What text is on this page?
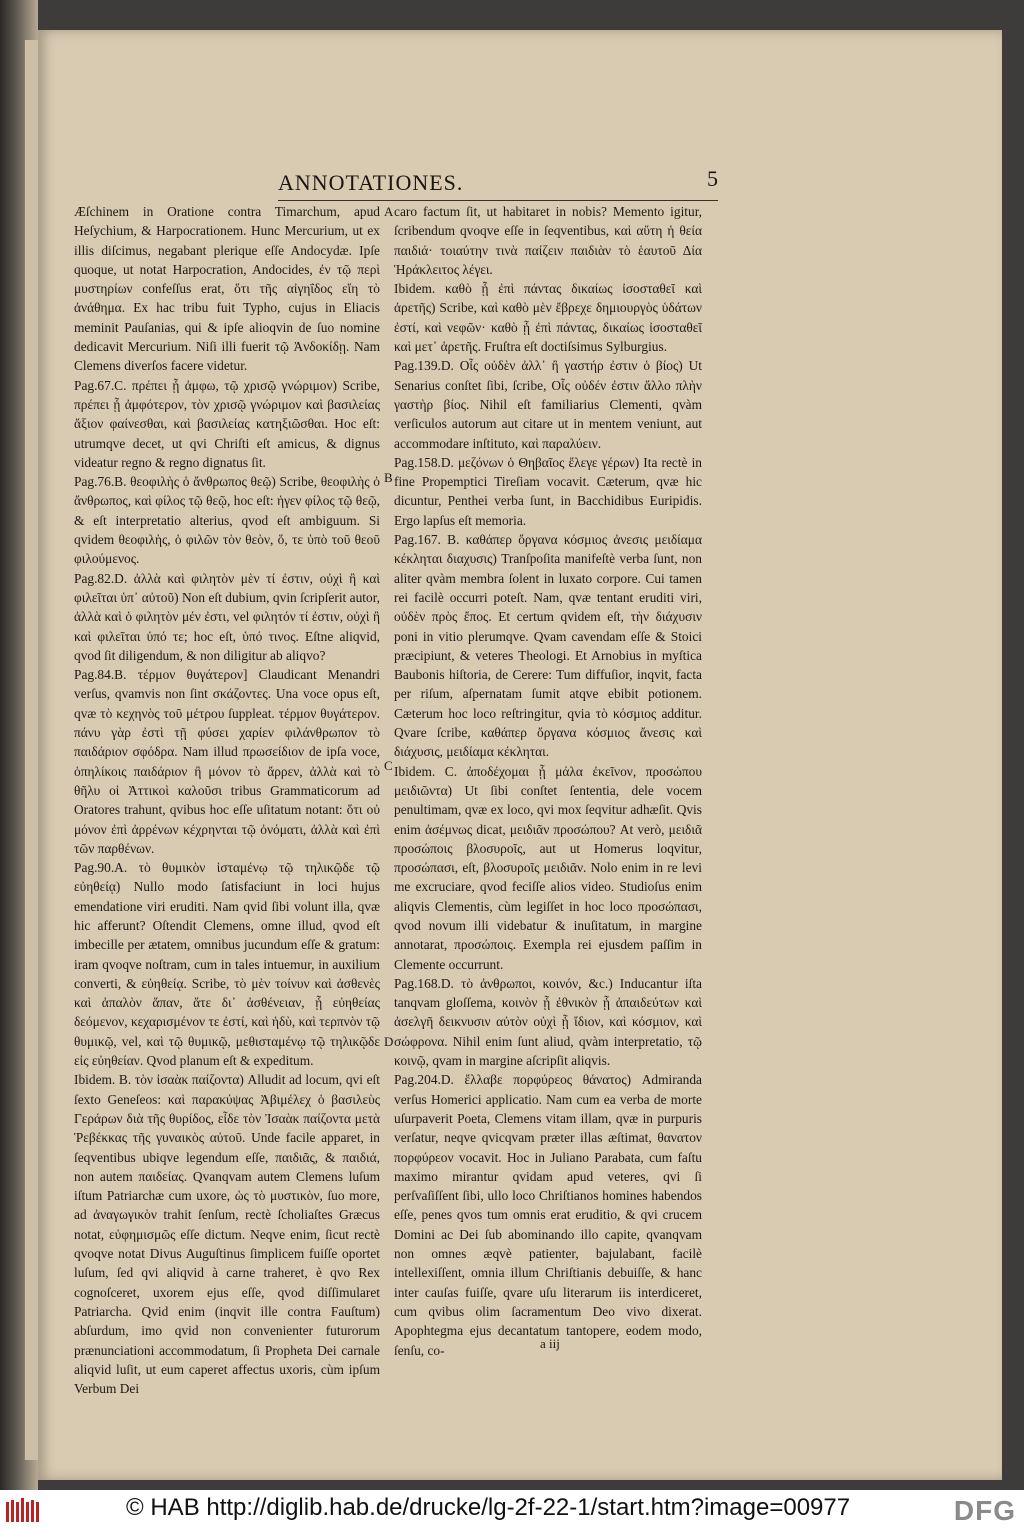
ANNOTATIONES.	5

Æſchinem in Oratione contra Timarchum, apud Heſychium, & Harpocrationem. Hunc Mercurium, ut ex illis diſcimus, negabant plerique eſſe Andocydæ. Ipſe quoque, ut notat Harpocration, Andocides, ἐν τῷ περὶ μυστηρίων confeſſus erat, ὅτι τῆς αἰγηΐδος εἴη τὸ ἀνάθημα. Ex hac tribu fuit Typho, cujus in Eliacis meminit Pauſanias, qui & ipſe alioqvin de ſuo nomine dedicavit Mercurium. Niſi illi fuerit τῷ Ἀνδοκίδῃ. Nam Clemens diverſos facere videtur.

Pag.67.C. πρέπει ᾗ ἀμφω, τῷ χρισῷ γνώριμον) Scribe, πρέπει ᾗ ἀμφότερον, τὸν χρισῷ γνώριμον καὶ βασιλείας ἄξιον φαίνεσθαι, καὶ βασιλείας κατηξιῶσθαι. Hoc eſt: utrumqve decet, ut qvi Chriſti eſt amicus, & dignus videatur regno & regno dignatus ſit.

Pag.76.B. θεοφιλὴς ὁ ἄνθρωπος θεῷ) Scribe, θεοφιλὴς ὁ ἄνθρωπος, καὶ φίλος τῷ θεῷ, hoc eſt: ἡγεν φίλος τῷ θεῷ, & eſt interpretatio alterius, qvod eſt ambiguum. Si qvidem θεοφιλὴς, ὁ φιλῶν τὸν θεὸν, ὅ, τε ὑπὸ τοῦ θεοῦ φιλούμενος.

Pag.82.D. ἀλλὰ καὶ φιλητὸν μὲν τί ἐστιν, οὐχὶ ἢ καὶ φιλεῖται ὑπ᾽ αὐτοῦ) Non eſt dubium, qvin ſcripſerit autor, ἀλλὰ καὶ ὁ φιλητὸν μέν ἐστι, vel φιλητόν τί ἐστιν, οὐχὶ ἢ καὶ φιλεῖται ὑπό τε; hoc eſt, ὑπό τινος. Eſtne aliqvid, qvod ſit diligendum, & non diligitur ab aliqvo?

Pag.84.B. τέρμον θυγάτερον] Claudicant Menandri verſus, qvamvis non ſint σκάζοντες. Una voce opus eſt, qvæ τὸ κεχηνὸς τοῦ μέτρου ſuppleat. τέρμον θυγάτερον. πάνυ γὰρ ἐστὶ τῇ φύσει χαρίεν φιλάνθρωπον τὸ παιδάριον σφόδρα. Nam illud πρωσείδιον de ipſa voce, ὁπηλίκοις παιδάριον ἢ μόνον τὸ ἄρρεν, ἀλλὰ καὶ τὸ θῆλυ οἱ Ἀττικοὶ καλοῦσι tribus Grammaticorum ad Oratores trahunt, qvibus hoc eſſe uſitatum notant: ὅτι οὐ μόνον ἐπὶ ἀρρένων κέχρηνται τῷ ὀνόματι, ἀλλὰ καὶ ἐπὶ τῶν παρθένων.

Pag.90.A. τὸ θυμικὸν ἱσταμένῳ τῷ τηλικῷδε τῷ εὐηθείᾳ) Nullo modo ſatisfaciunt in loci hujus emendatione viri eruditi. Nam qvid ſibi volunt illa, qvæ hic afferunt? Oſtendit Clemens, omne illud, qvod eſt imbecille per ætatem, omnibus jucundum eſſe & gratum: iram qvoqve noſtram, cum in tales intuemur, in auxilium converti, & εὐηθείᾳ. Scribe, τὸ μὲν τοίνυν καὶ ἀσθενὲς καὶ ἀπαλὸν ἅπαν, ἅτε δι᾽ ἀσθένειαν, ᾗ εὐηθείας δεόμενον, κεχαρισμένον τε ἐστί, καὶ ἡδὺ, καὶ τερπνὸν τῷ θυμικῷ, vel, καὶ τῷ θυμικῷ, μεθισταμένῳ τῷ τηλικῷδε εἰς εὐηθείαν. Qvod planum eſt & expeditum.

Ibidem. B. τὸν ἰσαὰκ παίζοντα) Alludit ad locum, qvi eſt ſexto Geneſeos: καὶ παρακύψας Ἀβιμέλεχ ὁ βασιλεὺς Γεράρων διὰ τῆς θυρίδος, εἶδε τὸν Ἰσαὰκ παίζοντα μετὰ Ῥεβέκκας τῆς γυναικὸς αὐτοῦ. Unde facile apparet, in ſeqventibus ubiqve legendum eſſe, παιδιᾶς, & παιδιά, non autem παιδείας. Qvanqvam autem Clemens luſum iſtum Patriarchæ cum uxore, ὡς τὸ μυστικὸν, ſuo more, ad ἀναγωγικὸν trahit ſenſum, rectè ſcholiaſtes Græcus notat, εὐφημισμῶς eſſe dictum. Neqve enim, ſicut rectè qvoqve notat Divus Auguſtinus ſimplicem fuiſſe oportet luſum, ſed qvi aliqvid à carne traheret, è qvo Rex cognoſceret, uxorem ejus eſſe, qvod diſſimularet Patriarcha. Qvid enim (inqvit ille contra Fauſtum) abſurdum, imo qvid non convenienter futurorum prænunciationi accommodatum, ſi Propheta Dei carnale aliqvid luſit, ut eum caperet affectus uxoris, cùm ipſum Verbum Dei

A
B
C
D

caro factum ſit, ut habitaret in nobis? Memento igitur, ſcribendum qvoqve eſſe in ſeqventibus, καὶ αὕτη ἡ θεία παιδιά· τοιαύτην τινὰ παίζειν παιδιὰν τὸ ἑαυτοῦ Δία Ἡράκλειτος λέγει.

Ibidem. καθὸ ᾗ ἐπὶ πάντας δικαίως ἰσοσταθεῖ καὶ ἀρετῆς) Scribe, καὶ καθὸ μὲν ἔβρεχε δημιουργὸς ὑδάτων ἐστί, καὶ νεφῶν· καθὸ ᾗ ἐπὶ πάντας, δικαίως ἰσοσταθεῖ καὶ μετ᾽ ἀρετῆς. Fruſtra eſt doctiſsimus Sylburgius.

Pag.139.D. Οἷς οὐδὲν ἀλλ᾽ ἢ γαστήρ ἐστιν ὁ βίος) Ut Senarius conſtet ſibi, ſcribe, Οἷς οὐδέν ἐστιν ἄλλο πλὴν γαστὴρ βίος. Nihil eſt familiarius Clementi, qvàm verſiculos autorum aut citare ut in mentem veniunt, aut accommodare inſtituto, καὶ παραλύειν.

Pag.158.D. μεζόνων ὁ Θηβαῖος ἔλεγε γέρων) Ita rectè in fine Propemptici Tireſiam vocavit. Cæterum, qvæ hic dicuntur, Penthei verba ſunt, in Bacchidibus Euripidis. Ergo lapſus eſt memoria.

Pag.167. B. καθάπερ ὄργανα κόσμιος ἀνεσις μειδίαμα κέκληται διαχυσις) Tranſpoſita manifeſtè verba ſunt, non aliter qvàm membra ſolent in luxato corpore. Cui tamen rei facilè occurri poteſt. Nam, qvæ tentant eruditi viri, οὐδὲν πρὸς ἔπος. Et certum qvidem eſt, τὴν διάχυσιν poni in vitio plerumqve. Qvam cavendam eſſe & Stoici præcipiunt, & veteres Theologi. Et Arnobius in myſtica Baubonis hiſtoria, de Cerere: Tum diffuſior, inqvit, facta per riſum, aſpernatam ſumit atqve ebibit potionem. Cæterum hoc loco reſtringitur, qvia τὸ κόσμιος additur. Qvare ſcribe, καθάπερ ὄργανα κόσμιος ἄνεσις καὶ διάχυσις, μειδίαμα κέκληται.

Ibidem. C. ἀποδέχομαι ᾗ μάλα ἐκεῖνον, προσώπου μειδιῶντα) Ut ſibi conſtet ſententia, dele vocem penultimam, qvæ ex loco, qvi mox ſeqvitur adhæſit. Qvis enim ἀσέμνως dicat, μειδιᾶν προσώπου? At verò, μειδιᾶ προσώποις βλοσυροῖς, aut ut Homerus loqvitur, προσώπασι, eſt, βλοσυροῖς μειδιᾶν. Nolo enim in re levi me excruciare, qvod feciſſe alios video. Studioſus enim aliqvis Clementis, cùm legiſſet in hoc loco προσώπασι, qvod novum illi videbatur & inuſitatum, in margine annotarat, προσώποις. Exempla rei ejusdem paſſim in Clemente occurrunt.

Pag.168.D. τὸ ἀνθρωποι, κοινόν, &c.) Inducantur iſta tanqvam gloſſema, κοινὸν ᾗ ἐθνικὸν ᾗ ἀπαιδεύτων καὶ ἀσελγῆ δεικνυσιν αὐτὸν οὐχὶ ᾗ ἴδιον, καὶ κόσμιον, καὶ σώφρονα. Nihil enim ſunt aliud, qvàm interpretatio, τῷ κοινῷ, qvam in margine aſcripſit aliqvis.

Pag.204.D. ἔλλαβε πορφύρεος θάνατος) Admiranda verſus Homerici applicatio. Nam cum ea verba de morte uſurpaverit Poeta, Clemens vitam illam, qvæ in purpuris verſatur, neqve qvicqvam præter illas æſtimat, θανατον πορφύρεον vocavit. Hoc in Juliano Parabata, cum faſtu maximo mirantur qvidam apud veteres, qvi ſi perſvaſiſſent ſibi, ullo loco Chriſtianos homines habendos eſſe, penes qvos tum omnis erat eruditio, & qvi crucem Domini ac Dei ſub abominando illo capite, qvanqvam non omnes æqvè patienter, bajulabant, facilè intellexiſſent, omnia illum Chriſtianis debuiſſe, & hanc inter cauſas fuiſſe, qvare uſu literarum iis interdiceret, cum qvibus olim ſacramentum Deo vivo dixerat. Apophtegma ejus decantatum tantopere, eodem modo, ſenſu, co-	a iij
© HAB http://diglib.hab.de/drucke/lg-2f-22-1/start.htm?image=00977	DFG
